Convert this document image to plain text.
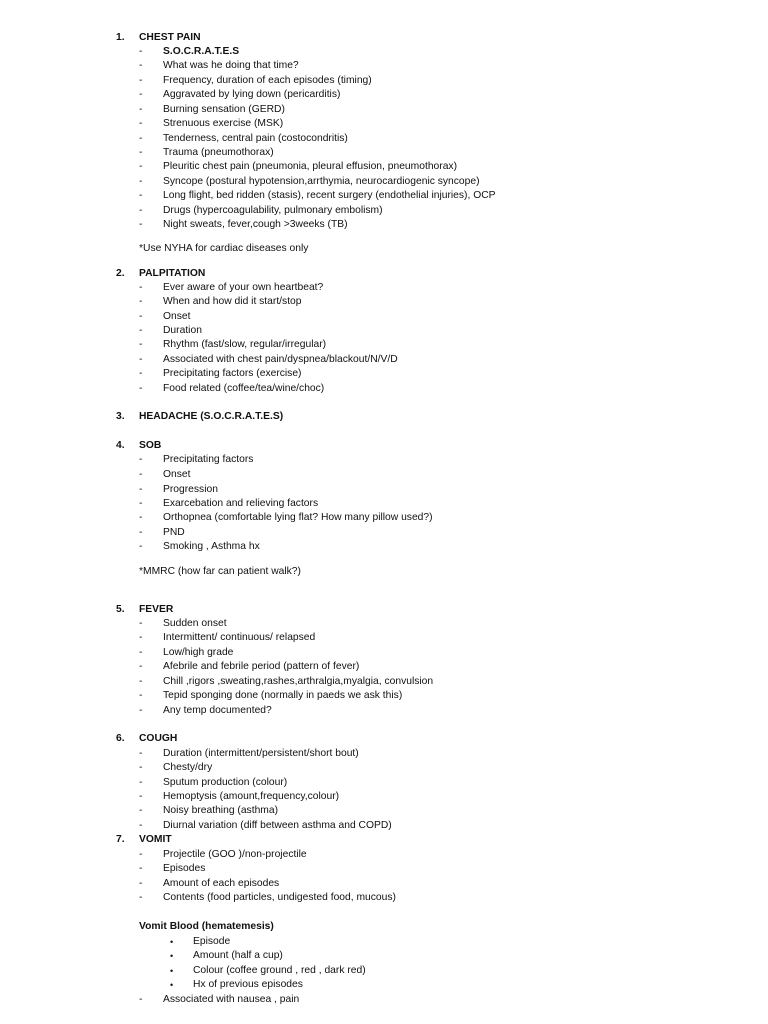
1. CHEST PAIN
- S.O.C.R.A.T.E.S
- What was he doing that time?
- Frequency, duration of each episodes (timing)
- Aggravated by lying down (pericarditis)
- Burning sensation (GERD)
- Strenuous exercise (MSK)
- Tenderness, central pain (costocondritis)
- Trauma (pneumothorax)
- Pleuritic chest pain (pneumonia, pleural effusion, pneumothorax)
- Syncope (postural hypotension,arrthymia, neurocardiogenic syncope)
- Long flight, bed ridden (stasis), recent surgery (endothelial injuries), OCP
- Drugs (hypercoagulability, pulmonary embolism)
- Night sweats, fever,cough >3weeks (TB)
*Use NYHA for cardiac diseases only
2. PALPITATION
- Ever aware of your own heartbeat?
- When and how did it start/stop
- Onset
- Duration
- Rhythm (fast/slow, regular/irregular)
- Associated with chest pain/dyspnea/blackout/N/V/D
- Precipitating factors (exercise)
- Food related (coffee/tea/wine/choc)
3. HEADACHE (S.O.C.R.A.T.E.S)
4. SOB
- Precipitating factors
- Onset
- Progression
- Exarcebation and relieving factors
- Orthopnea (comfortable lying flat? How many pillow used?)
- PND
- Smoking , Asthma hx
*MMRC (how far can patient walk?)
5. FEVER
- Sudden onset
- Intermittent/ continuous/ relapsed
- Low/high grade
- Afebrile and febrile period (pattern of fever)
- Chill ,rigors ,sweating,rashes,arthralgia,myalgia, convulsion
- Tepid sponging done (normally in paeds we ask this)
- Any temp documented?
6. COUGH
- Duration (intermittent/persistent/short bout)
- Chesty/dry
- Sputum production (colour)
- Hemoptysis (amount,frequency,colour)
- Noisy breathing (asthma)
- Diurnal variation (diff between asthma and COPD)
7. VOMIT
- Projectile (GOO )/non-projectile
- Episodes
- Amount of each episodes
- Contents (food particles, undigested food, mucous)
Vomit Blood (hematemesis)
• Episode
• Amount (half a cup)
• Colour (coffee ground , red , dark red)
• Hx of previous episodes
- Associated with nausea , pain
